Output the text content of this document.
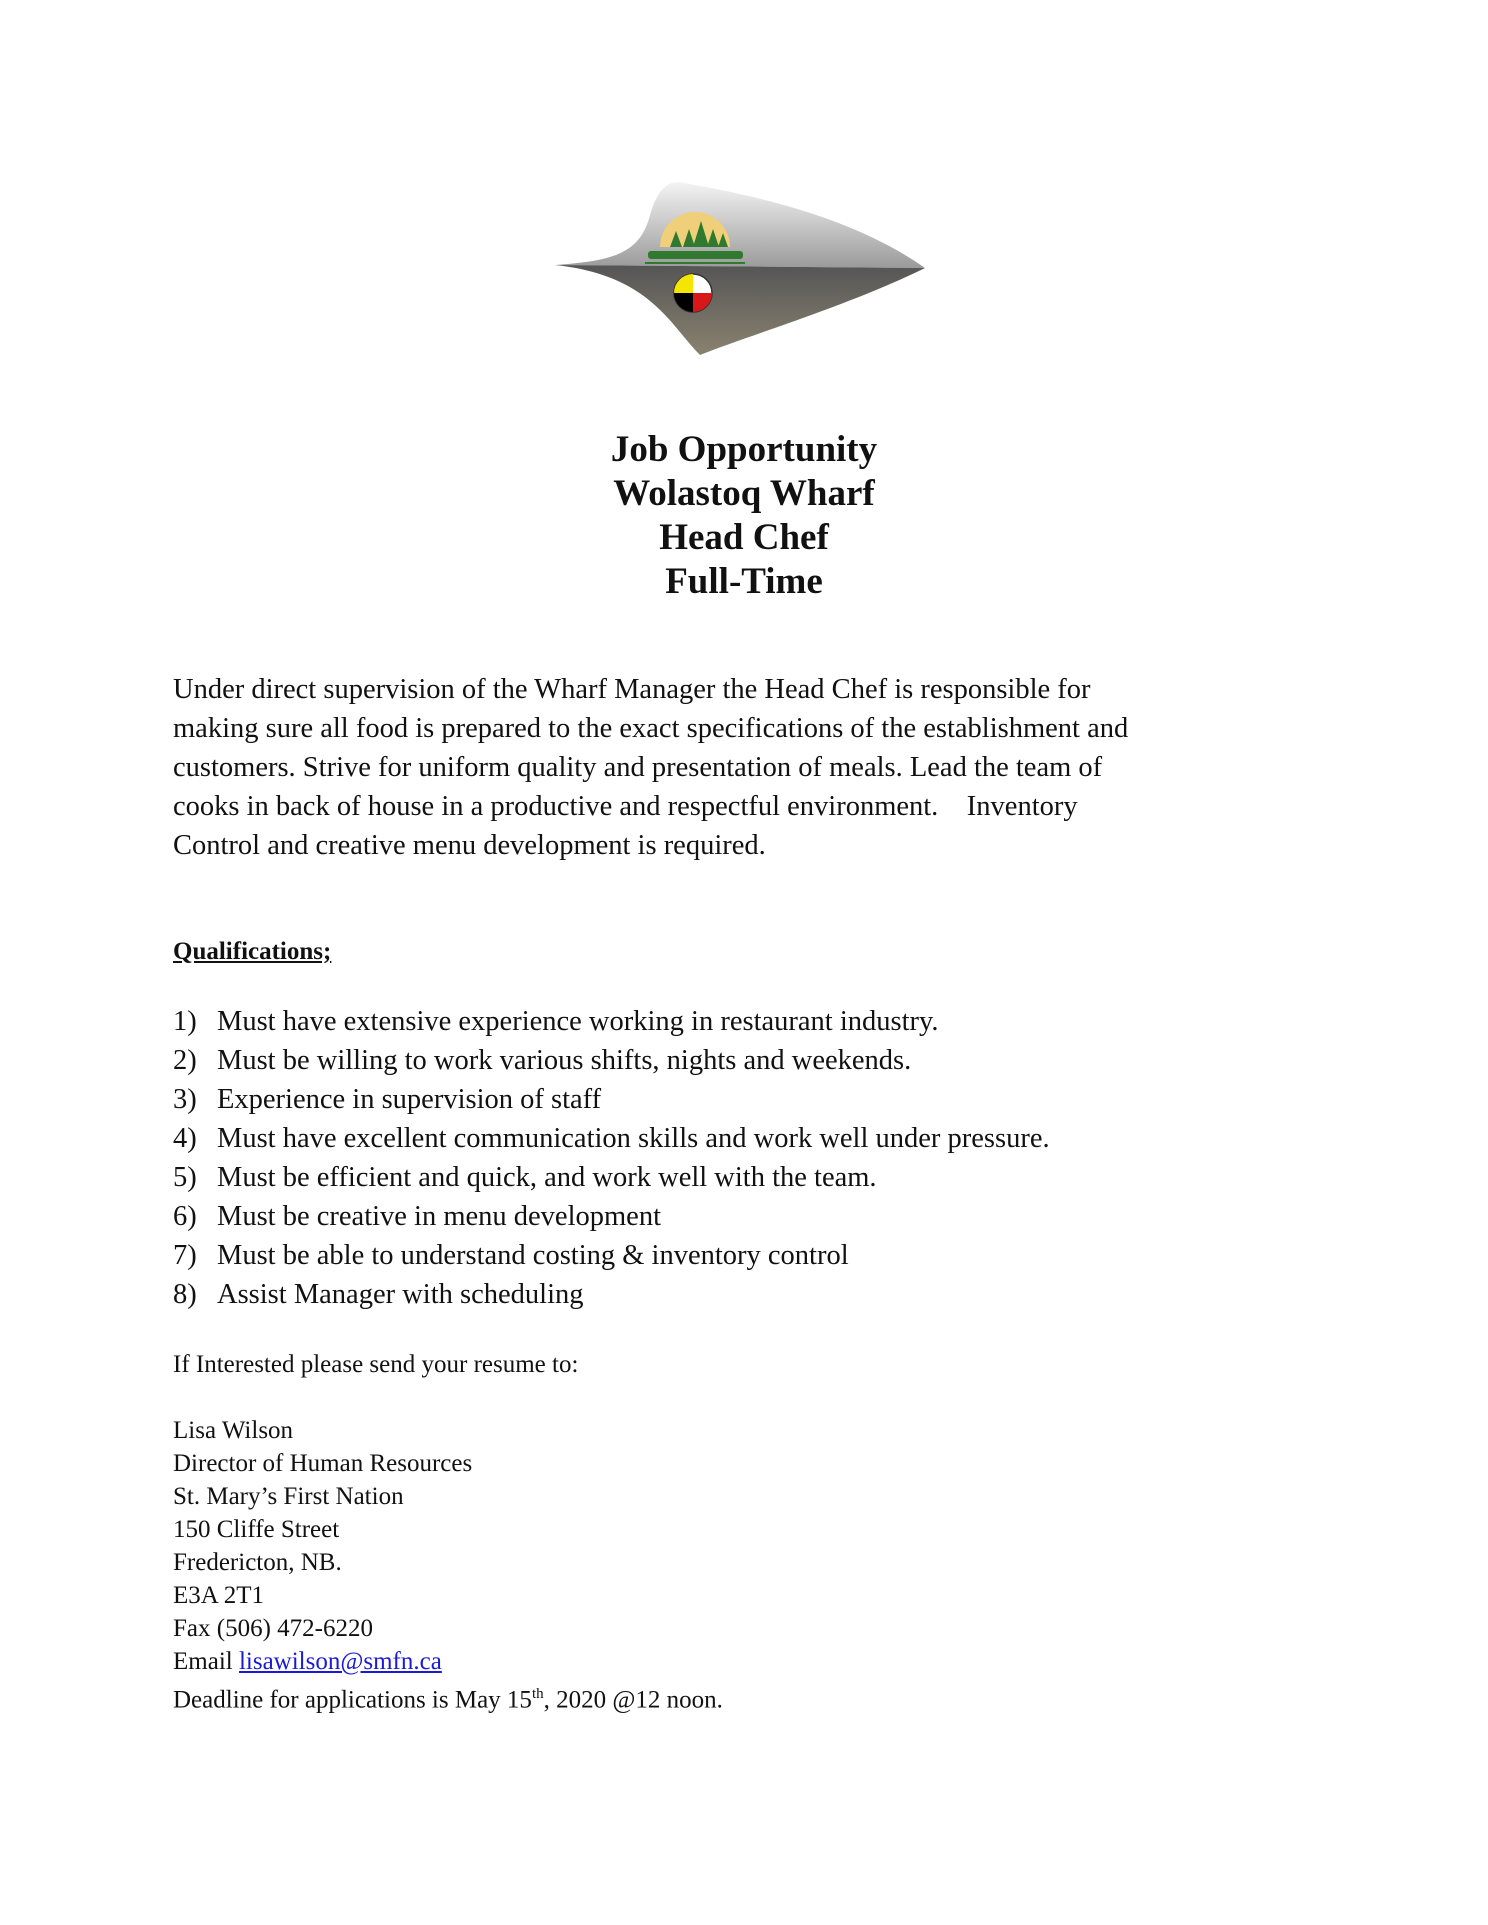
Job Opportunity
Wolastoq Wharf
Head Chef
Full-Time
Under direct supervision of the Wharf Manager the Head Chef is responsible for
making sure all food is prepared to the exact specifications of the establishment and
customers. Strive for uniform quality and presentation of meals. Lead the team of
cooks in back of house in a productive and respectful environment.    Inventory
Control and creative menu development is required.
Qualifications;
1) Must have extensive experience working in restaurant industry.
2) Must be willing to work various shifts, nights and weekends.
3) Experience in supervision of staff
4) Must have excellent communication skills and work well under pressure.
5) Must be efficient and quick, and work well with the team.
6) Must be creative in menu development
7) Must be able to understand costing & inventory control
8) Assist Manager with scheduling
If Interested please send your resume to:
Lisa Wilson
Director of Human Resources
St. Mary’s First Nation
150 Cliffe Street
Fredericton, NB.
E3A 2T1
Fax (506) 472-6220
Email lisawilson@smfn.ca
Deadline for applications is May 15th, 2020 @12 noon.
